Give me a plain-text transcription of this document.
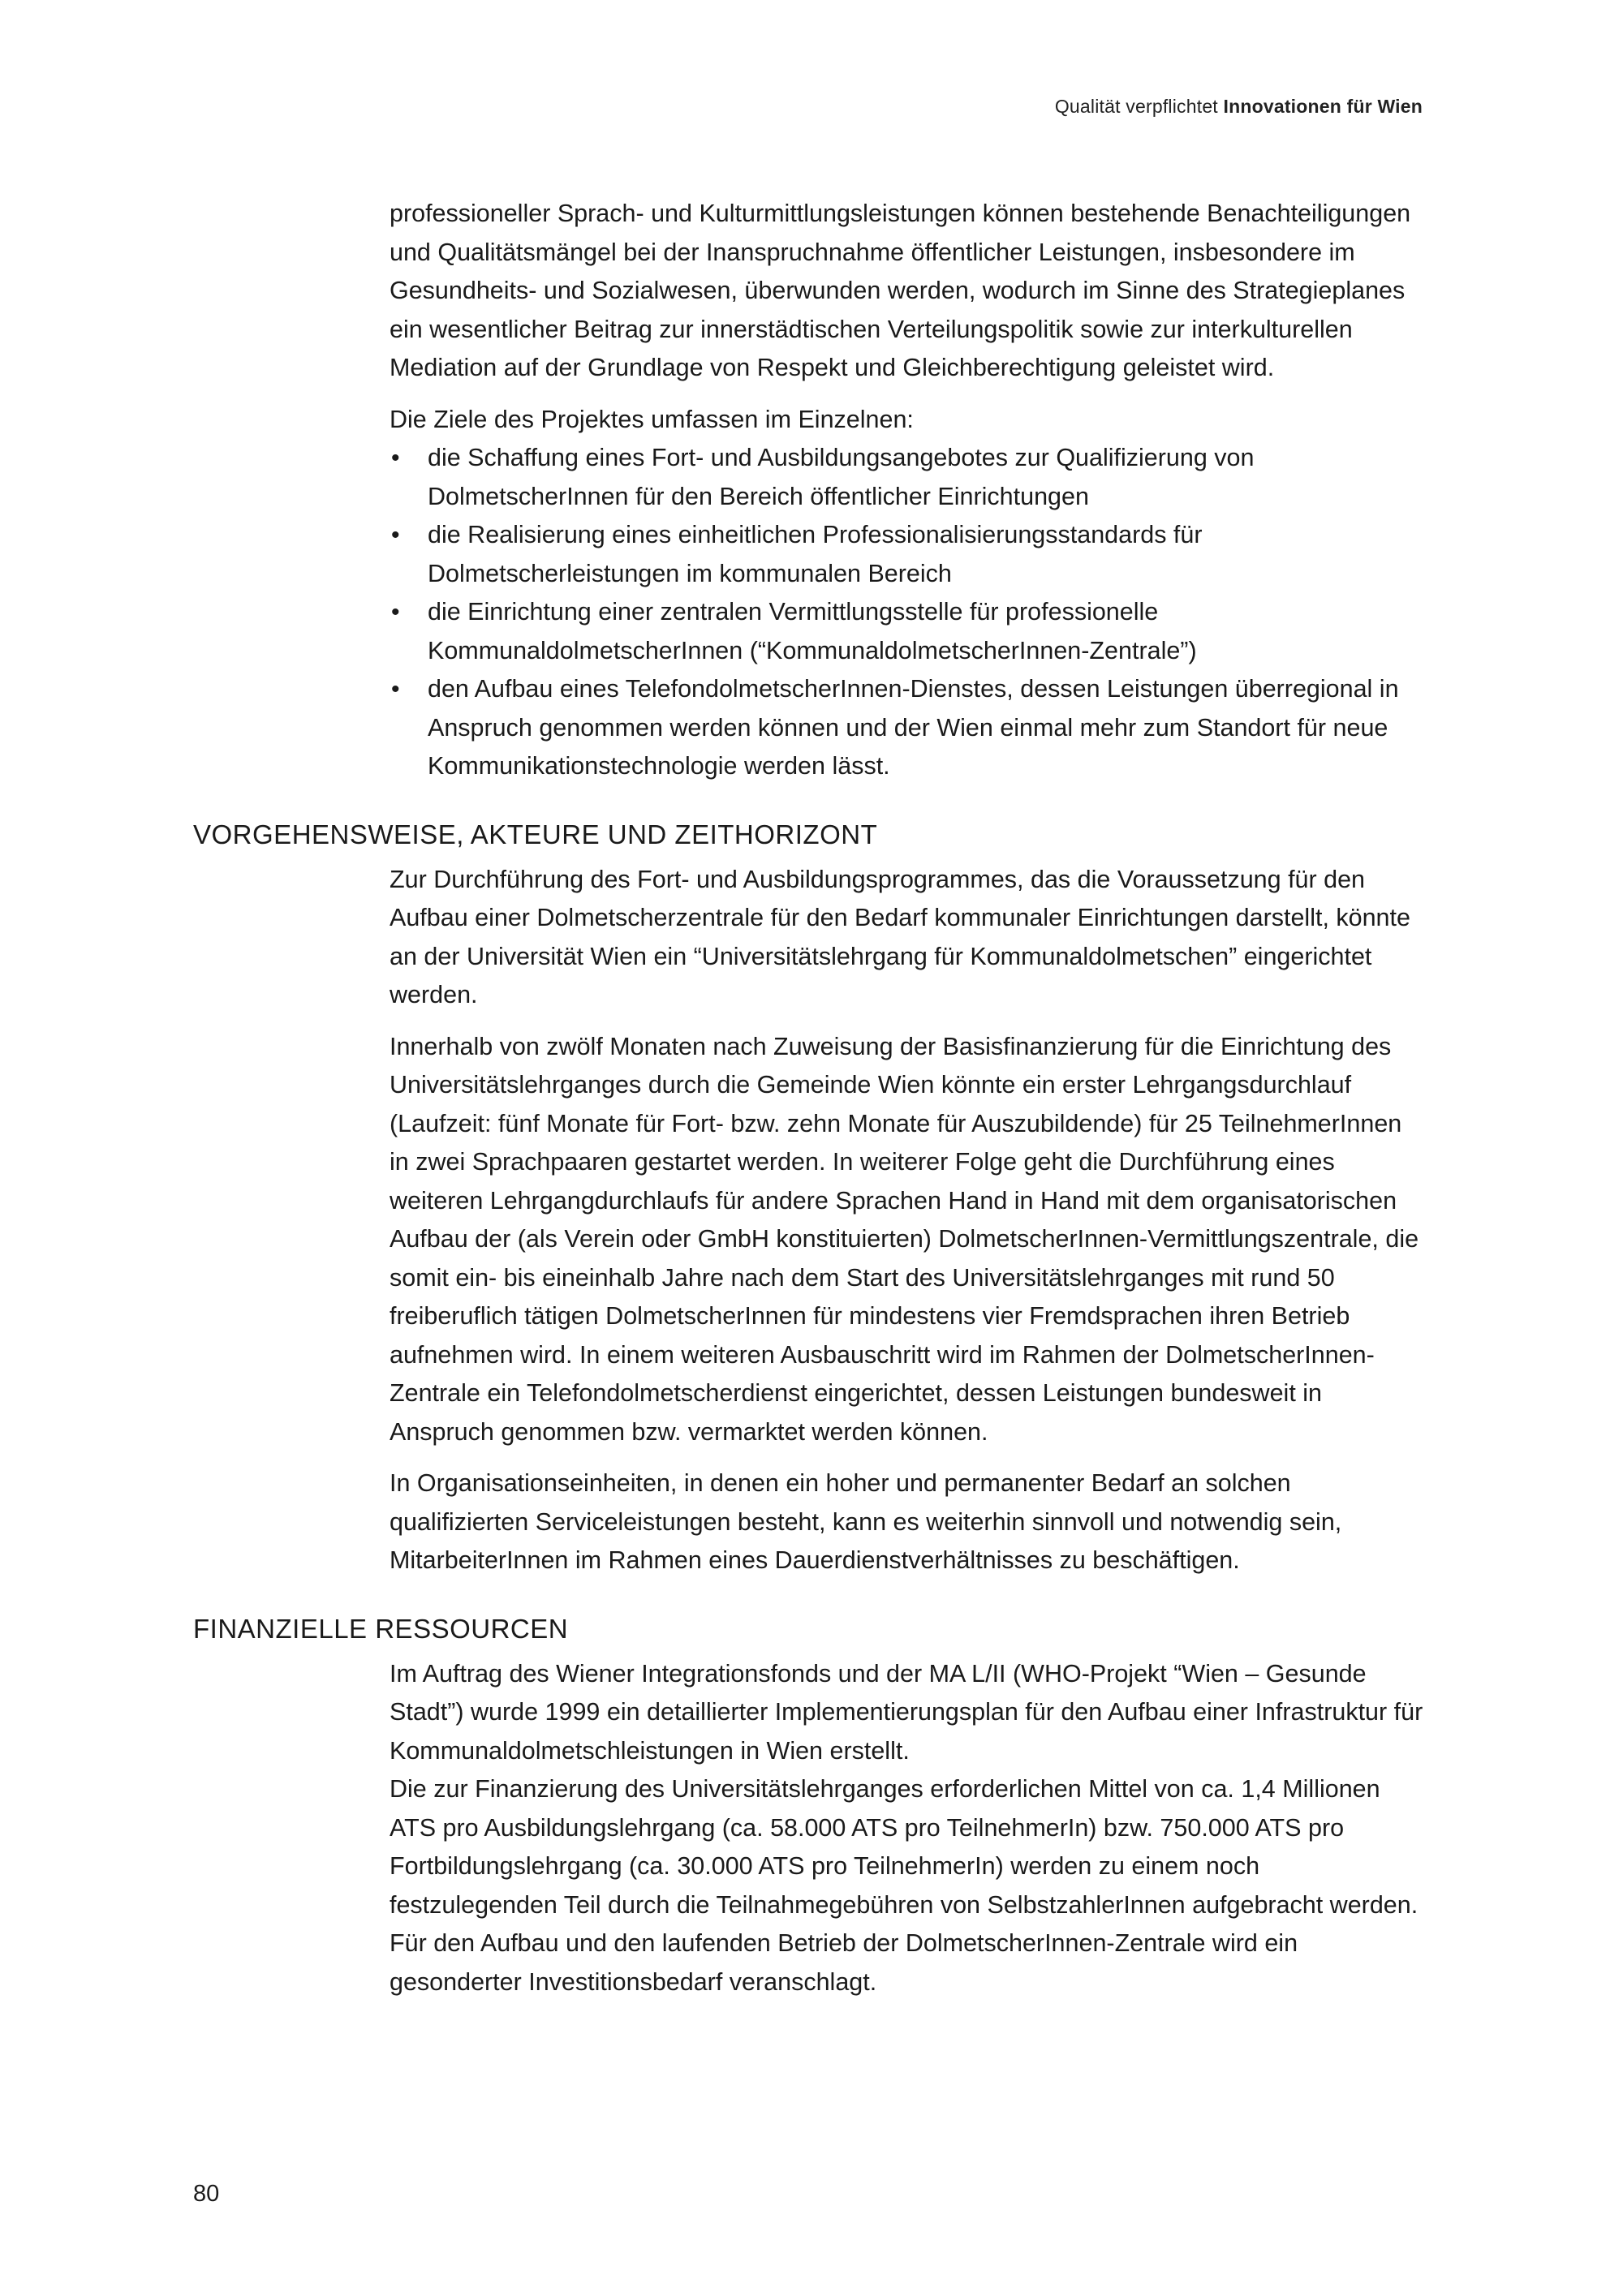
Qualität verpflichtet Innovationen für Wien

professioneller Sprach- und Kulturmittlungsleistungen können bestehende Benachteiligungen und Qualitätsmängel bei der Inanspruchnahme öffentlicher Leistungen, insbesondere im Gesundheits- und Sozialwesen, überwunden werden, wodurch im Sinne des Strategieplanes ein wesentlicher Beitrag zur innerstädtischen Verteilungspolitik sowie zur interkulturellen Mediation auf der Grundlage von Respekt und Gleichberechtigung geleistet wird.

Die Ziele des Projektes umfassen im Einzelnen:

• die Schaffung eines Fort- und Ausbildungsangebotes zur Qualifizierung von DolmetscherInnen für den Bereich öffentlicher Einrichtungen
• die Realisierung eines einheitlichen Professionalisierungsstandards für Dolmetscherleistungen im kommunalen Bereich
• die Einrichtung einer zentralen Vermittlungsstelle für professionelle KommunaldolmetscherInnen (“KommunaldolmetscherInnen-Zentrale”)
• den Aufbau eines TelefondolmetscherInnen-Dienstes, dessen Leistungen überregional in Anspruch genommen werden können und der Wien einmal mehr zum Standort für neue Kommunikationstechnologie werden lässt.
VORGEHENSWEISE, AKTEURE UND ZEITHORIZONT

Zur Durchführung des Fort- und Ausbildungsprogrammes, das die Voraussetzung für den Aufbau einer Dolmetscherzentrale für den Bedarf kommunaler Einrichtungen darstellt, könnte an der Universität Wien ein “Universitätslehrgang für Kommunaldolmetschen” eingerichtet werden.

Innerhalb von zwölf Monaten nach Zuweisung der Basisfinanzierung für die Einrichtung des Universitätslehrganges durch die Gemeinde Wien könnte ein erster Lehrgangsdurchlauf (Laufzeit: fünf Monate für Fort- bzw. zehn Monate für Auszubildende) für 25 TeilnehmerInnen in zwei Sprachpaaren gestartet werden. In weiterer Folge geht die Durchführung eines weiteren Lehrgangdurchlaufs für andere Sprachen Hand in Hand mit dem organisatorischen Aufbau der (als Verein oder GmbH konstituierten) DolmetscherInnen-Vermittlungszentrale, die somit ein- bis eineinhalb Jahre nach dem Start des Universitätslehrganges mit rund 50 freiberuflich tätigen DolmetscherInnen für mindestens vier Fremdsprachen ihren Betrieb aufnehmen wird. In einem weiteren Ausbauschritt wird im Rahmen der DolmetscherInnen-Zentrale ein Telefondolmetscherdienst eingerichtet, dessen Leistungen bundesweit in Anspruch genommen bzw. vermarktet werden können.

In Organisationseinheiten, in denen ein hoher und permanenter Bedarf an solchen qualifizierten Serviceleistungen besteht, kann es weiterhin sinnvoll und notwendig sein, MitarbeiterInnen im Rahmen eines Dauerdienstverhältnisses zu beschäftigen.

FINANZIELLE RESSOURCEN

Im Auftrag des Wiener Integrationsfonds und der MA L/II (WHO-Projekt “Wien – Gesunde Stadt”) wurde 1999 ein detaillierter Implementierungsplan für den Aufbau einer Infrastruktur für Kommunaldolmetschleistungen in Wien erstellt.

Die zur Finanzierung des Universitätslehrganges erforderlichen Mittel von ca. 1,4 Millionen ATS pro Ausbildungslehrgang (ca. 58.000 ATS pro TeilnehmerIn) bzw. 750.000 ATS pro Fortbildungslehrgang (ca. 30.000 ATS pro TeilnehmerIn) werden zu einem noch festzulegenden Teil durch die Teilnahmegebühren von SelbstzahlerInnen aufgebracht werden. Für den Aufbau und den laufenden Betrieb der DolmetscherInnen-Zentrale wird ein gesonderter Investitionsbedarf veranschlagt.

80
